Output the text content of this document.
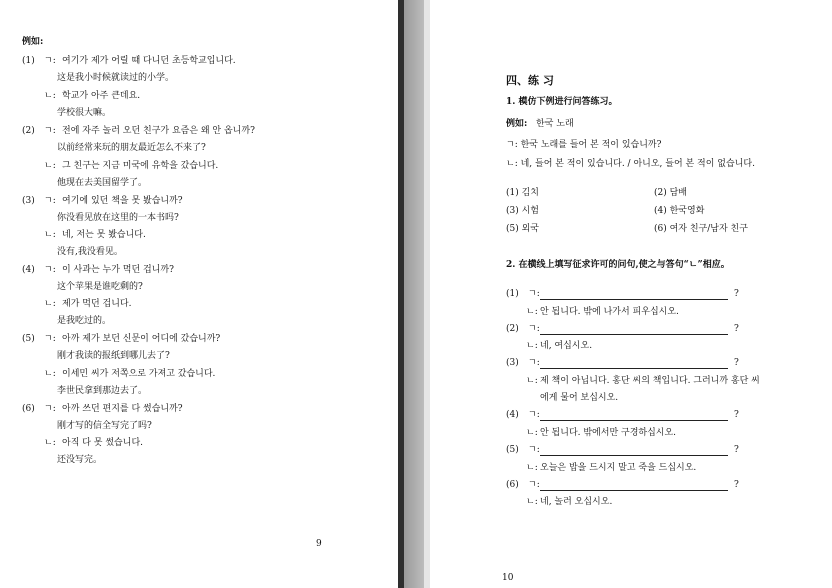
例如:
(1) ㄱ: 여기가 제가 어릴 때 다니던 초등학교입니다.
这是我小时候就读过的小学。
ㄴ: 학교가 아주 큰데요.
学校很大嘛。
(2) ㄱ: 전에 자주 놀러 오던 친구가 요즘은 왜 안 옵니까?
以前经常来玩的朋友最近怎么不来了?
ㄴ: 그 친구는 지금 미국에 유학을 갔습니다.
他现在去美国留学了。
(3) ㄱ: 여기에 있던 책을 못 봤습니까?
你没看见放在这里的一本书吗?
ㄴ: 네, 저는 못 봤습니다.
没有,我没看见。
(4) ㄱ: 이 사과는 누가 먹던 겁니까?
这个苹果是谁吃剩的?
ㄴ: 제가 먹던 겁니다.
是我吃过的。
(5) ㄱ: 아까 제가 보던 신문이 어디에 갔습니까?
刚才我读的报纸到哪儿去了?
ㄴ: 이세민 씨가 저쪽으로 가져고 갔습니다.
李世民拿到那边去了。
(6) ㄱ: 아까 쓰던 편지를 다 썼습니까?
刚才写的信全写完了吗?
ㄴ: 아직 다 못 썼습니다.
还没写完。
9
四、练 习
1. 模仿下例进行问答练习。
例如: 한국 노래
ㄱ: 한국 노래를 들어 본 적이 있습니까?
ㄴ: 네, 들어 본 적이 있습니다. / 아니오, 들어 본 적이 없습니다.
(1) 김치	(2) 담배
(3) 시험	(4) 한국영화
(5) 외국	(6) 여자 친구/남자 친구
2. 在横线上填写征求许可的问句,使之与答句“ㄴ”相应。
(1) ㄱ:	?
ㄴ: 안 됩니다. 밖에 나가서 피우십시오.
(2) ㄱ:	?
ㄴ: 네, 여십시오.
(3) ㄱ:	?
ㄴ: 제 책이 아닙니다. 홍단 씨의 책입니다. 그러니까 홍단 씨
에게 물어 보십시오.
(4) ㄱ:	?
ㄴ: 안 됩니다. 밖에서만 구경하십시오.
(5) ㄱ:	?
ㄴ: 오늘은 밥을 드시지 말고 죽을 드십시오.
(6) ㄱ:	?
ㄴ: 네, 놀러 오십시오.
10
